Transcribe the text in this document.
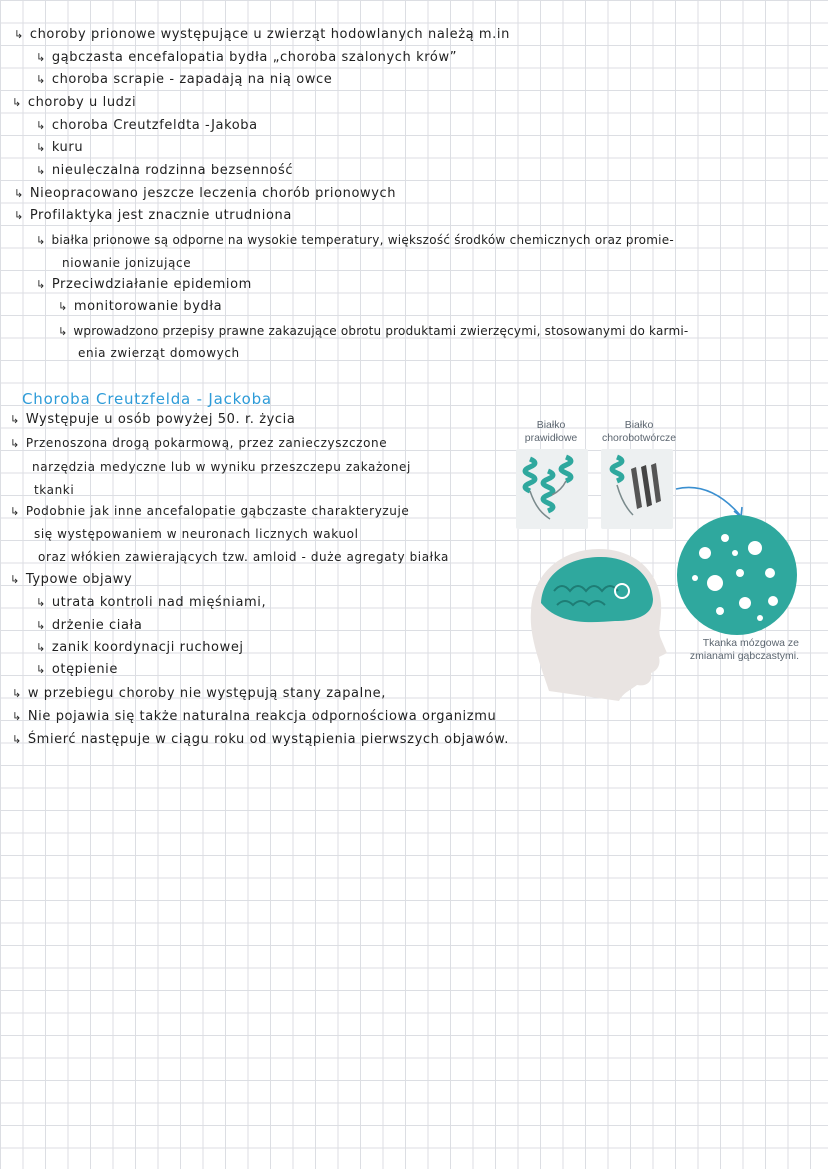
↳ choroby prionowe występujące u zwierząt hodowlanych należą m.in
↳ gąbczasta encefalopatia bydła „choroba szalonych krów”
↳ choroba scrapie - zapadają na nią owce
↳ choroby u ludzi
↳ choroba Creutzfeldta -Jakoba
↳ kuru
↳ nieuleczalna rodzinna bezsenność
↳ Nieopracowano jeszcze leczenia chorób prionowych
↳ Profilaktyka jest znacznie utrudniona
↳ białka prionowe są odporne na wysokie temperatury, większość środków chemicznych oraz promie-
niowanie jonizujące
↳ Przeciwdziałanie epidemiom
↳ monitorowanie bydła
↳ wprowadzono przepisy prawne zakazujące obrotu produktami zwierzęcymi, stosowanymi do karmi-
enia zwierząt domowych
Choroba Creutzfelda - Jackoba
↳ Występuje u osób powyżej 50. r. życia
↳ Przenoszona drogą pokarmową, przez zanieczyszczone
narzędzia medyczne lub w wyniku przeszczepu zakażonej
tkanki
↳ Podobnie jak inne ancefalopatie gąbczaste charakteryzuje
się występowaniem w neuronach licznych wakuol
oraz włókien zawierających tzw. amloid - duże agregaty białka
↳ Typowe objawy
↳ utrata kontroli nad mięśniami,
↳ drżenie ciała
↳ zanik koordynacji ruchowej
↳ otępienie
↳ w przebiegu choroby nie występują stany zapalne,
↳ Nie pojawia się także naturalna reakcja odpornościowa organizmu
↳ Śmierć następuje w ciągu roku od wystąpienia pierwszych objawów.
Białko prawidłowe
Białko chorobotwórcze
Tkanka mózgowa ze zmianami gąbczastymi.
